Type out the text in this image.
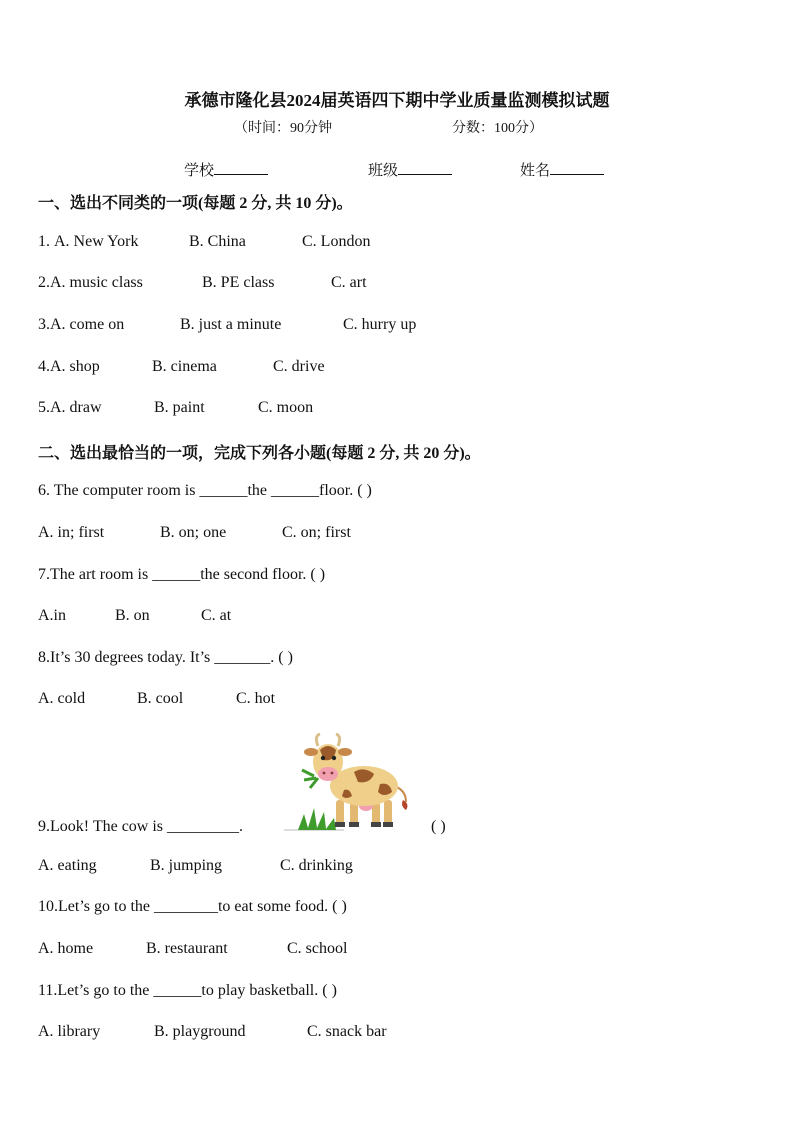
承德市隆化县2024届英语四下期中学业质量监测模拟试题
（时间：90分钟	分数：100分）
学校	班级	姓名
一、选出不同类的一项(每题 2 分, 共 10 分)。
1. A. New York	B. China	C. London
2.A. music class	B. PE class	C. art
3.A. come on	B. just a minute	C. hurry up
4.A. shop	B. cinema	C. drive
5.A. draw	B. paint	C. moon
二、选出最恰当的一项，完成下列各小题(每题 2 分, 共 20 分)。
6. The computer room is ______the ______floor. ( )
A. in; first	B. on; one	C. on; first
7.The art room is ______the second floor. ( )
A.in	B. on	C. at
8.It’s 30 degrees today. It’s _______. ( )
A. cold	B. cool	C. hot
9.Look! The cow is _________.	( )
A. eating	B. jumping	C. drinking
10.Let’s go to the ________to eat some food. ( )
A. home	B. restaurant	C. school
11.Let’s go to the ______to play basketball. ( )
A. library	B. playground	C. snack bar
